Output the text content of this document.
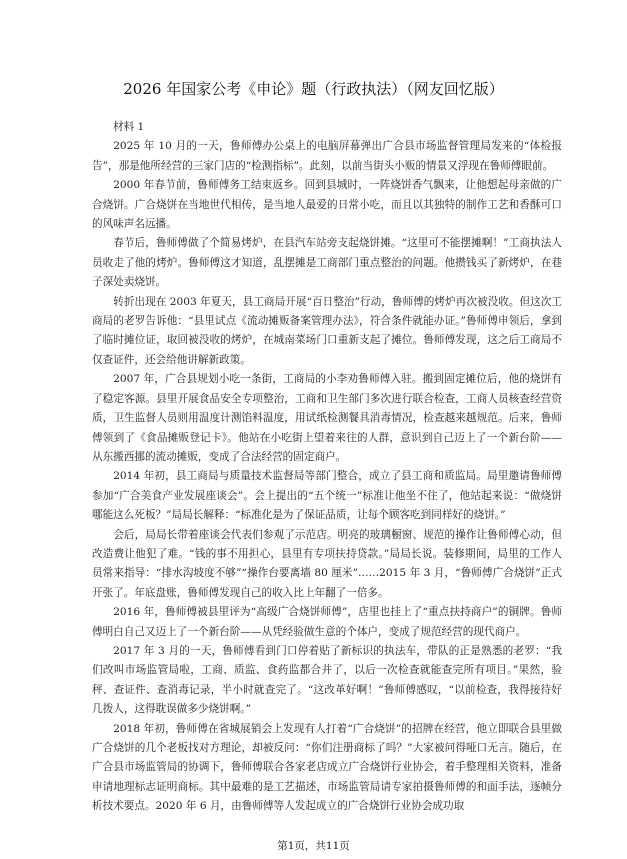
2026 年国家公考《申论》题（行政执法）（网友回忆版）
材料 1

2025 年 10 月的一天，鲁师傅办公桌上的电脑屏幕弹出广合县市场监督管理局发来的“体检报告”，那是他所经营的三家门店的“检测指标”。此刻，以前当街头小贩的情景又浮现在鲁师傅眼前。

2000 年春节前，鲁师傅务工结束返乡。回到县城时，一阵烧饼香气飘来，让他想起母亲做的广合烧饼。广合烧饼在当地世代相传，是当地人最爱的日常小吃，而且以其独特的制作工艺和香酥可口的风味声名远播。

春节后，鲁师傅做了个简易烤炉，在县汽车站旁支起烧饼摊。“这里可不能摆摊啊！”工商执法人员收走了他的烤炉。鲁师傅这才知道，乱摆摊是工商部门重点整治的问题。他攒钱买了新烤炉，在巷子深处卖烧饼。

转折出现在 2003 年夏天，县工商局开展“百日整治”行动，鲁师傅的烤炉再次被没收。但这次工商局的老罗告诉他：“县里试点《流动摊贩备案管理办法》，符合条件就能办证。”鲁师傅申领后，拿到了临时摊位证，取回被没收的烤炉，在城南菜场门口重新支起了摊位。鲁师傅发现，这之后工商局不仅查证件，还会给他讲解新政策。

2007 年，广合县规划小吃一条街，工商局的小李劝鲁师傅入驻。搬到固定摊位后，他的烧饼有了稳定客源。县里开展食品安全专项整治，工商和卫生部门多次进行联合检查，工商人员核查经营资质，卫生监督人员则用温度计测馅料温度，用试纸检测餐具消毒情况，检查越来越规范。后来，鲁师傅领到了《食品摊贩登记卡》。他站在小吃街上望着来往的人群，意识到自己迈上了一个新台阶——从东搬西挪的流动摊贩，变成了合法经营的固定商户。

2014 年初，县工商局与质量技术监督局等部门整合，成立了县工商和质监局。局里邀请鲁师傅参加“广合美食产业发展座谈会”。会上提出的“五个统一”标准让他坐不住了，他站起来说：“做烧饼哪能这么死板？”局局长解释：“标准化是为了保证品质，让每个顾客吃到同样好的烧饼。”

会后，局局长带着座谈会代表们参观了示范店。明亮的玻璃橱窗、规范的操作让鲁师傅心动，但改造费让他犯了难。“钱的事不用担心，县里有专项扶持贷款。”局局长说。装修期间，局里的工作人员常来指导：“排水沟坡度不够”“操作台要离墙 80 厘米”……2015 年 3 月，“鲁师傅广合烧饼”正式开张了。年底盘账，鲁师傅发现自己的收入比上年翻了一倍多。

2016 年，鲁师傅被县里评为“高级广合烧饼师傅”，店里也挂上了“重点扶持商户”的铜牌。鲁师傅明白自己又迈上了一个新台阶——从凭经验做生意的个体户，变成了规范经营的现代商户。

2017 年 3 月的一天，鲁师傅看到门口停着贴了新标识的执法车，带队的正是熟悉的老罗：“我们改叫市场监管局啦，工商、质监、食药监都合并了，以后一次检查就能查完所有项目。”果然，验秤、查证件、查消毒记录，半小时就查完了。“这改革好啊！”鲁师傅感叹，“以前检查，我得接待好几拨人，这得耽误做多少烧饼啊。”

2018 年初，鲁师傅在省城展销会上发现有人打着“广合烧饼”的招牌在经营，他立即联合县里做广合烧饼的几个老板找对方理论，却被反问：“你们注册商标了吗？”大家被问得哑口无言。随后，在广合县市场监管局的协调下，鲁师傅联合各家老店成立广合烧饼行业协会，着手整理相关资料，准备申请地理标志证明商标。其中最难的是工艺描述，市场监管局请专家拍摄鲁师傅的和面手法，逐帧分析技术要点。2020 年 6 月，由鲁师傅等人发起成立的广合烧饼行业协会成功取

第1页，共11页
